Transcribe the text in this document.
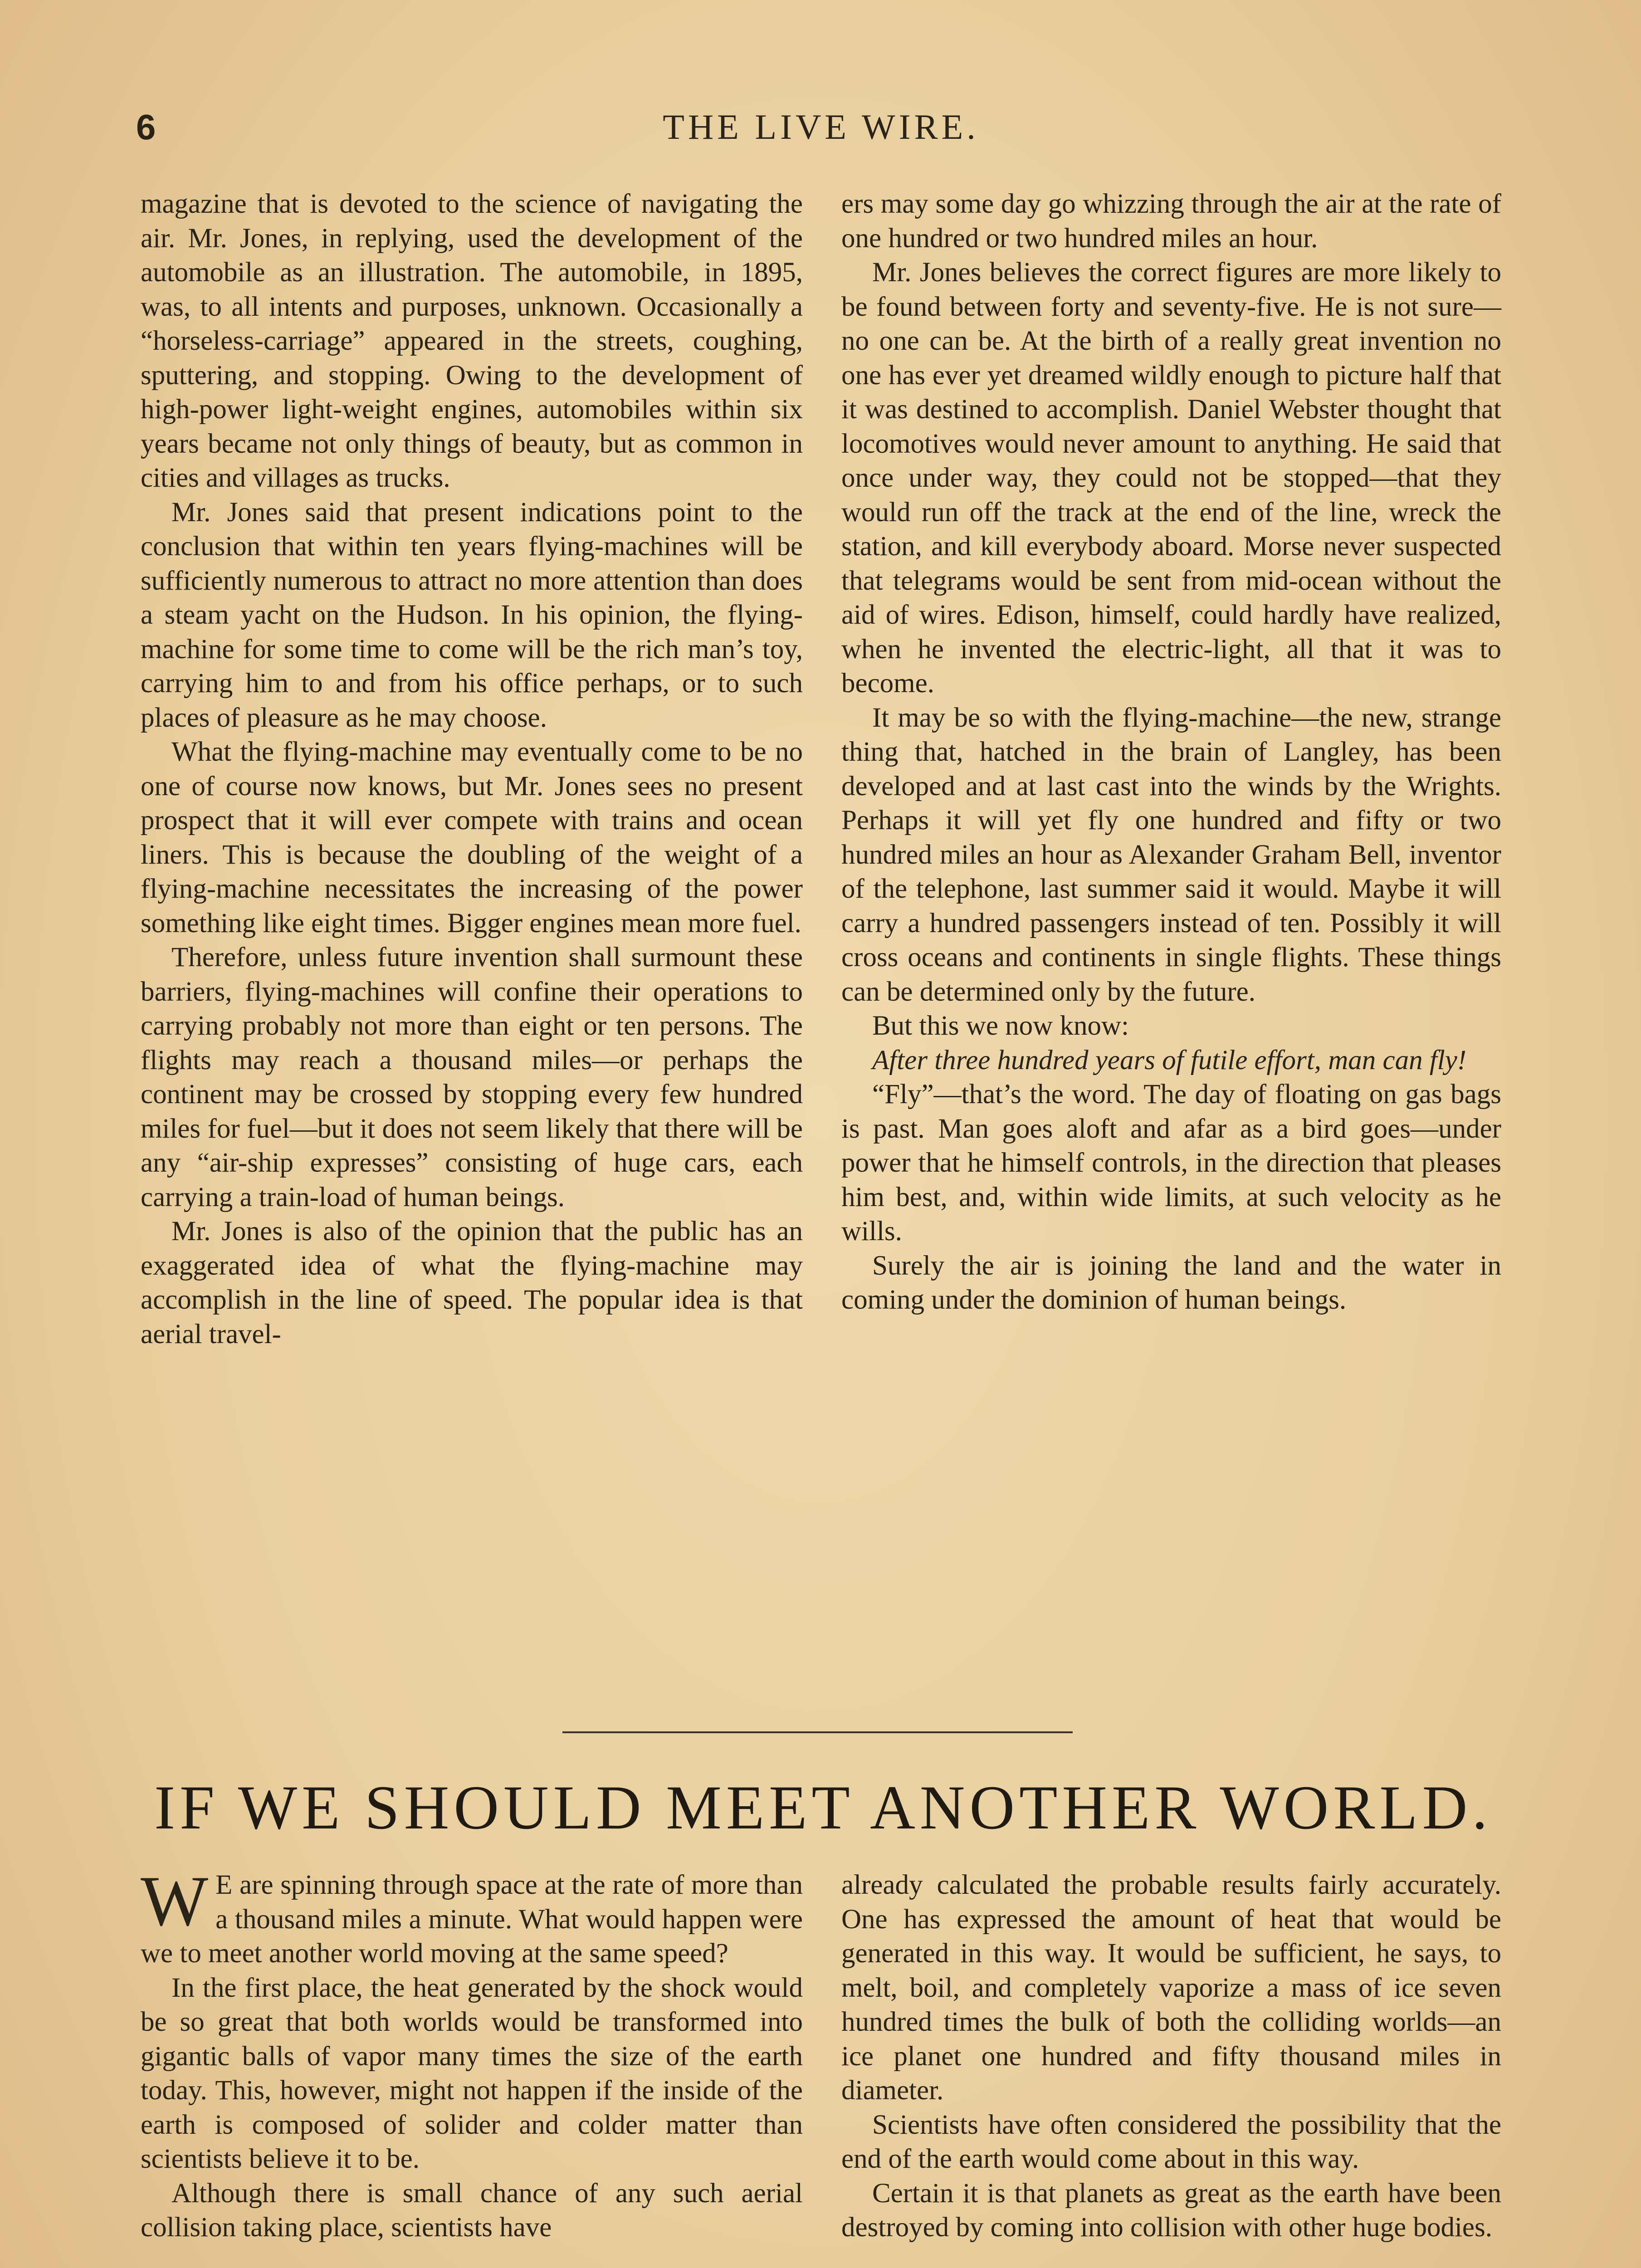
6	THE LIVE WIRE.

magazine that is devoted to the science of navigating the air. Mr. Jones, in replying, used the development of the automobile as an illustration. The automobile, in 1895, was, to all intents and purposes, unknown. Occasionally a “horseless-carriage” appeared in the streets, coughing, sputtering, and stopping. Owing to the development of high-power light-weight engines, automobiles within six years became not only things of beauty, but as common in cities and villages as trucks.

Mr. Jones said that present indications point to the conclusion that within ten years flying-machines will be sufficiently numerous to attract no more attention than does a steam yacht on the Hudson. In his opinion, the flying-machine for some time to come will be the rich man’s toy, carrying him to and from his office perhaps, or to such places of pleasure as he may choose.

What the flying-machine may eventually come to be no one of course now knows, but Mr. Jones sees no present prospect that it will ever compete with trains and ocean liners. This is because the doubling of the weight of a flying-machine necessitates the increasing of the power something like eight times. Bigger engines mean more fuel.

Therefore, unless future invention shall surmount these barriers, flying-machines will confine their operations to carrying probably not more than eight or ten persons. The flights may reach a thousand miles—or perhaps the continent may be crossed by stopping every few hundred miles for fuel—but it does not seem likely that there will be any “air-ship expresses” consisting of huge cars, each carrying a train-load of human beings.

Mr. Jones is also of the opinion that the public has an exaggerated idea of what the flying-machine may accomplish in the line of speed. The popular idea is that aerial travel-

ers may some day go whizzing through the air at the rate of one hundred or two hundred miles an hour.

Mr. Jones believes the correct figures are more likely to be found between forty and seventy-five. He is not sure—no one can be. At the birth of a really great invention no one has ever yet dreamed wildly enough to picture half that it was destined to accomplish. Daniel Webster thought that locomotives would never amount to anything. He said that once under way, they could not be stopped—that they would run off the track at the end of the line, wreck the station, and kill everybody aboard. Morse never suspected that telegrams would be sent from mid-ocean without the aid of wires. Edison, himself, could hardly have realized, when he invented the electric-light, all that it was to become.

It may be so with the flying-machine—the new, strange thing that, hatched in the brain of Langley, has been developed and at last cast into the winds by the Wrights. Perhaps it will yet fly one hundred and fifty or two hundred miles an hour as Alexander Graham Bell, inventor of the telephone, last summer said it would. Maybe it will carry a hundred passengers instead of ten. Possibly it will cross oceans and continents in single flights. These things can be determined only by the future.

But this we now know:

After three hundred years of futile effort, man can fly!

“Fly”—that’s the word. The day of floating on gas bags is past. Man goes aloft and afar as a bird goes—under power that he himself controls, in the direction that pleases him best, and, within wide limits, at such velocity as he wills.

Surely the air is joining the land and the water in coming under the dominion of human beings.

IF WE SHOULD MEET ANOTHER WORLD.

W E are spinning through space at the rate of more than a thousand miles a minute. What would happen were we to meet another world moving at the same speed?

In the first place, the heat generated by the shock would be so great that both worlds would be transformed into gigantic balls of vapor many times the size of the earth today. This, however, might not happen if the inside of the earth is composed of solider and colder matter than scientists believe it to be.

Although there is small chance of any such aerial collision taking place, scientists have

already calculated the probable results fairly accurately. One has expressed the amount of heat that would be generated in this way. It would be sufficient, he says, to melt, boil, and completely vaporize a mass of ice seven hundred times the bulk of both the colliding worlds—an ice planet one hundred and fifty thousand miles in diameter.

Scientists have often considered the possibility that the end of the earth would come about in this way.

Certain it is that planets as great as the earth have been destroyed by coming into collision with other huge bodies.
